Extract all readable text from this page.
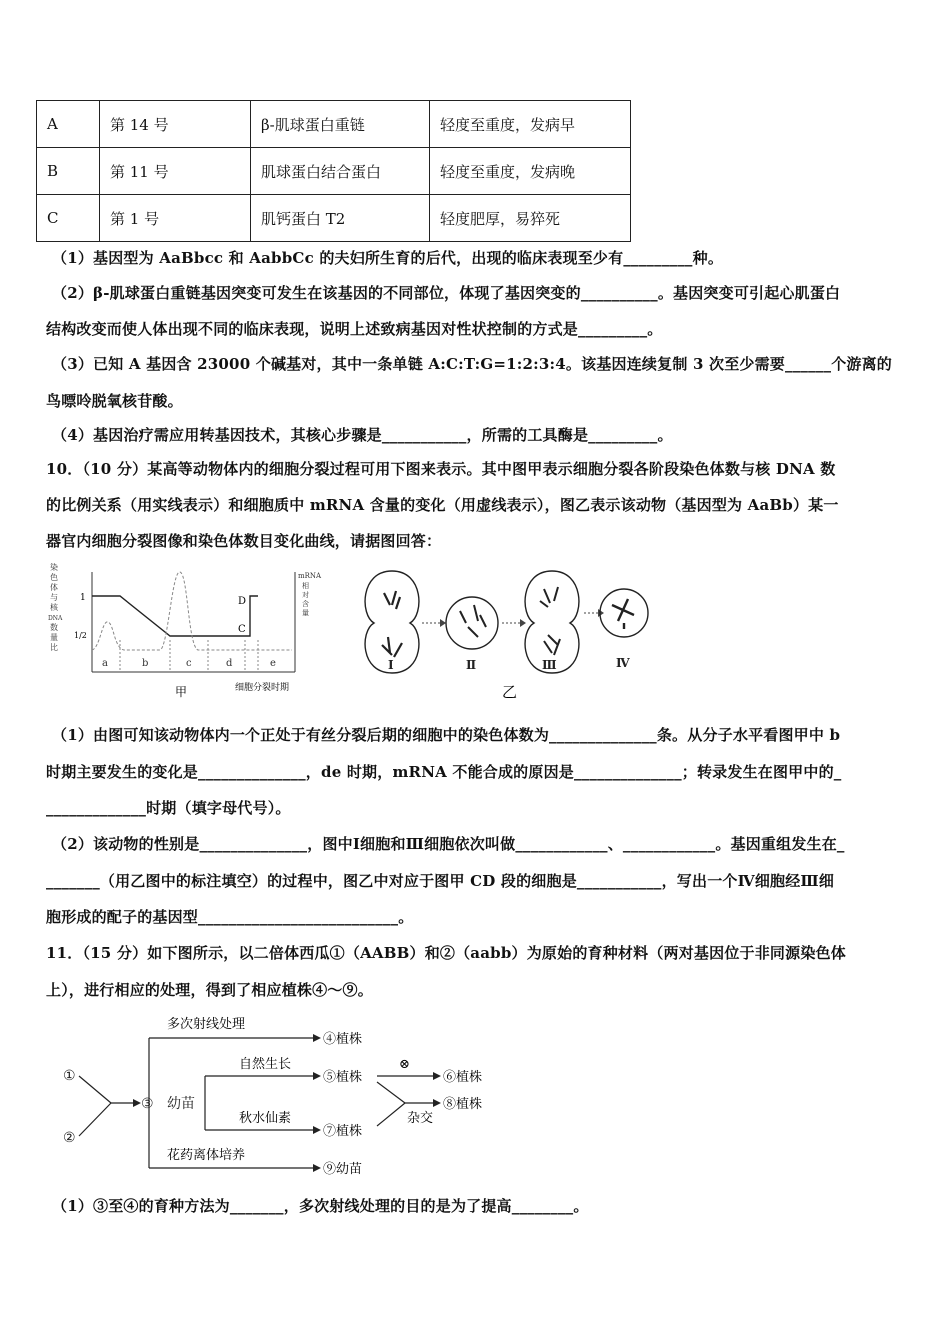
A	第 14 号	β-肌球蛋白重链	轻度至重度，发病早
B	第 11 号	肌球蛋白结合蛋白	轻度至重度，发病晚
C	第 1 号	肌钙蛋白 T2	轻度肥厚，易猝死
（1）基因型为 AaBbcc 和 AabbCc 的夫妇所生育的后代，出现的临床表现至少有_________种。
（2）β-肌球蛋白重链基因突变可发生在该基因的不同部位，体现了基因突变的__________。基因突变可引起心肌蛋白
结构改变而使人体出现不同的临床表现，说明上述致病基因对性状控制的方式是_________。
（3）已知 A 基因含 23000 个碱基对，其中一条单链 A:C:T:G=1:2:3:4。该基因连续复制 3 次至少需要______个游离的
鸟嘌呤脱氧核苷酸。
（4）基因治疗需应用转基因技术，其核心步骤是___________，所需的工具酶是_________。
10．（10 分）某高等动物体内的细胞分裂过程可用下图来表示。其中图甲表示细胞分裂各阶段染色体数与核 DNA 数
的比例关系（用实线表示）和细胞质中 mRNA 含量的变化（用虚线表示），图乙表示该动物（基因型为 AaBb）某一
器官内细胞分裂图像和染色体数目变化曲线，请据图回答：
染
色
体
与
核
DNA
数
量
比
1
1/2
a	b	c	d	e
D
C
mRNA
相
对
含
量
细胞分裂时期
甲
Ⅰ	Ⅱ	Ⅲ	Ⅳ
乙
（1）由图可知该动物体内一个正处于有丝分裂后期的细胞中的染色体数为______________条。从分子水平看图甲中 b
时期主要发生的变化是______________，de 时期，mRNA 不能合成的原因是______________；转录发生在图甲中的_
_____________时期（填字母代号）。
（2）该动物的性别是______________，图中Ⅰ细胞和Ⅲ细胞依次叫做____________、____________。基因重组发生在_
_______（用乙图中的标注填空）的过程中，图乙中对应于图甲 CD 段的细胞是___________，写出一个Ⅳ细胞经Ⅲ细
胞形成的配子的基因型__________________________。
11．（15 分）如下图所示，以二倍体西瓜①（AABB）和②（aabb）为原始的育种材料（两对基因位于非同源染色体
上），进行相应的处理，得到了相应植株④～⑨。
①
②
③ 幼苗
多次射线处理
④植株
花药离体培养
⑨幼苗
自然生长
⑤植株
秋水仙素
⑦植株
⊗
⑥植株
杂交
⑧植株
（1）③至④的育种方法为_______，多次射线处理的目的是为了提高________。
